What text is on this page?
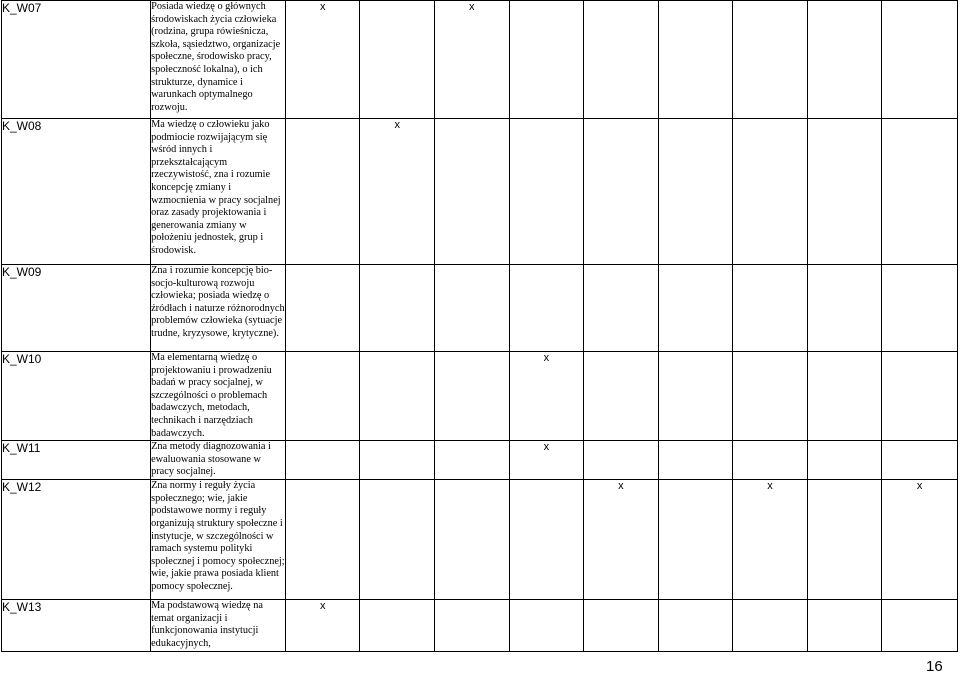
K_W07	Posiada wiedzę o głównych środowiskach życia człowieka (rodzina, grupa rówieśnicza, szkoła, sąsiedztwo, organizacje społeczne, środowisko pracy, społeczność lokalna), o ich strukturze, dynamice i warunkach optymalnego rozwoju.	x		x						
K_W08	Ma wiedzę o człowieku jako podmiocie rozwijającym się wśród innych i przekształcającym rzeczywistość, zna i rozumie koncepcję zmiany i wzmocnienia w pracy socjalnej oraz zasady projektowania i generowania zmiany w położeniu jednostek, grup i środowisk.		x							
K_W09	Zna i rozumie koncepcję bio-socjo-kulturową rozwoju człowieka; posiada wiedzę o źródłach i naturze różnorodnych problemów człowieka (sytuacje trudne, kryzysowe, krytyczne).									
K_W10	Ma elementarną wiedzę o projektowaniu i prowadzeniu badań w pracy socjalnej, w szczególności o problemach badawczych, metodach, technikach i narzędziach badawczych.				x					
K_W11	Zna metody diagnozowania i ewaluowania stosowane w pracy socjalnej.				x					
K_W12	Zna normy i reguły życia społecznego; wie, jakie podstawowe normy i reguły organizują struktury społeczne i instytucje, w szczególności w ramach systemu polityki społecznej i pomocy społecznej; wie, jakie prawa posiada klient pomocy społecznej.					x		x		x
K_W13	Ma podstawową wiedzę na temat organizacji i funkcjonowania instytucji edukacyjnych,	x								
16
